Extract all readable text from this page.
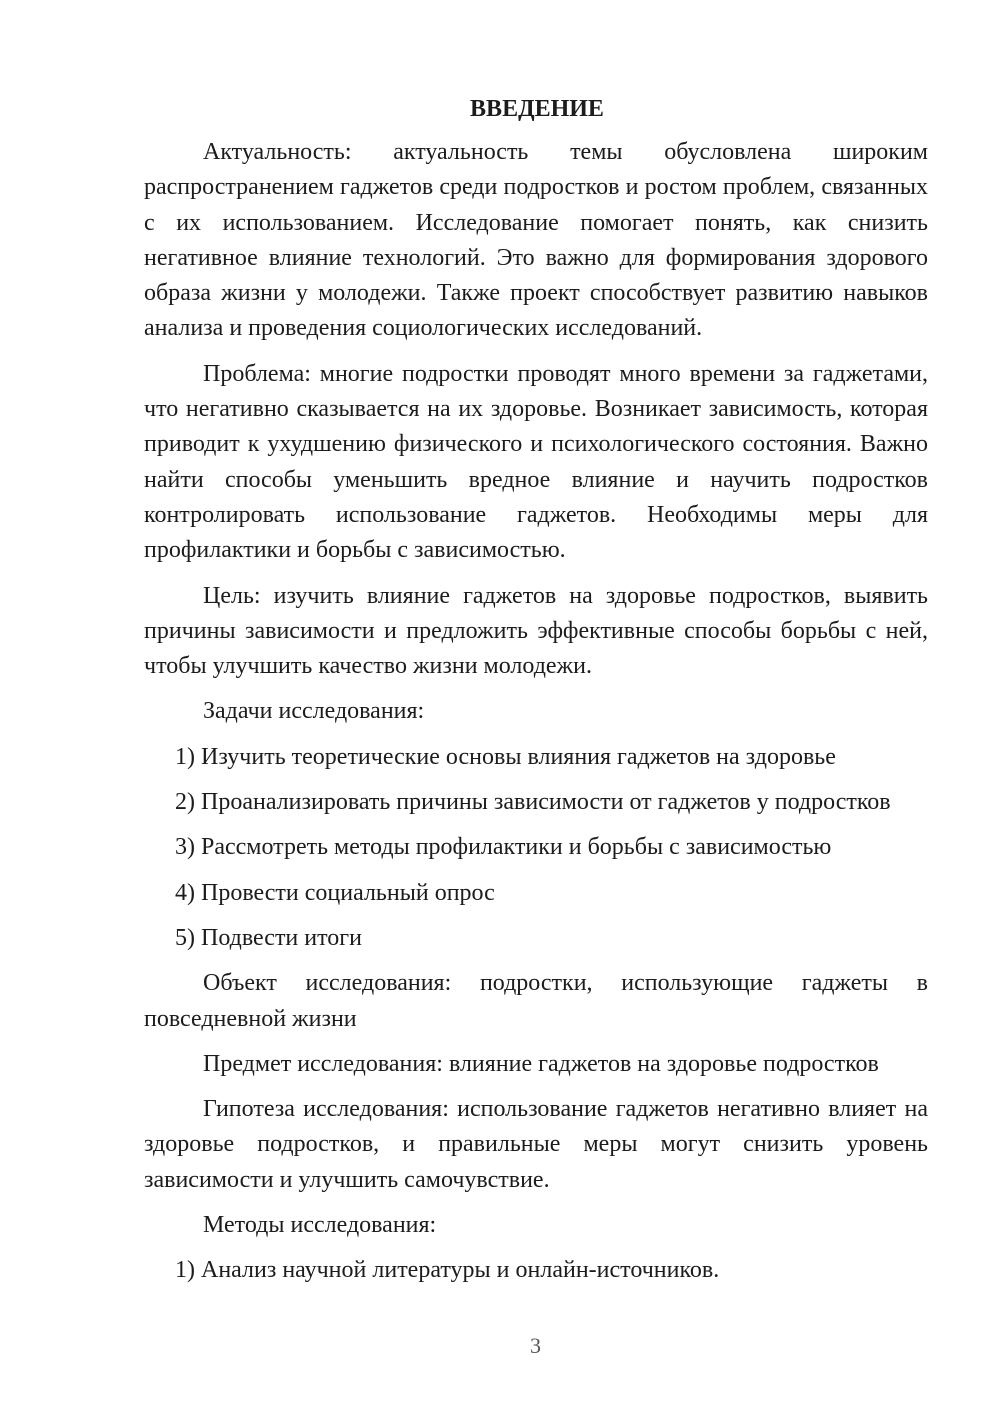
ВВЕДЕНИЕ

Актуальность: актуальность темы обусловлена широким распространением гаджетов среди подростков и ростом проблем, связанных с их использованием. Исследование помогает понять, как снизить негативное влияние технологий. Это важно для формирования здорового образа жизни у молодежи. Также проект способствует развитию навыков анализа и проведения социологических исследований.

Проблема: многие подростки проводят много времени за гаджетами, что негативно сказывается на их здоровье. Возникает зависимость, которая приводит к ухудшению физического и психологического состояния. Важно найти способы уменьшить вредное влияние и научить подростков контролировать использование гаджетов. Необходимы меры для профилактики и борьбы с зависимостью.

Цель: изучить влияние гаджетов на здоровье подростков, выявить причины зависимости и предложить эффективные способы борьбы с ней, чтобы улучшить качество жизни молодежи.

Задачи исследования:

1) Изучить теоретические основы влияния гаджетов на здоровье

2) Проанализировать причины зависимости от гаджетов у подростков

3) Рассмотреть методы профилактики и борьбы с зависимостью

4) Провести социальный опрос

5) Подвести итоги

Объект исследования: подростки, использующие гаджеты в повседневной жизни

Предмет исследования: влияние гаджетов на здоровье подростков

Гипотеза исследования: использование гаджетов негативно влияет на здоровье подростков, и правильные меры могут снизить уровень зависимости и улучшить самочувствие.

Методы исследования:

1) Анализ научной литературы и онлайн-источников.

3
